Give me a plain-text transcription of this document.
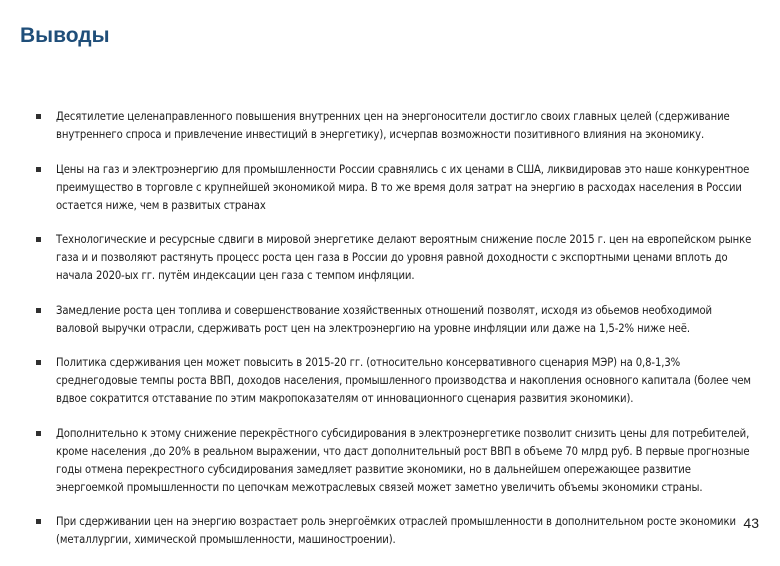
Выводы
Десятилетие целенаправленного повышения внутренних цен на энергоносители достигло своих главных целей (сдерживание внутреннего спроса и привлечение инвестиций в энергетику), исчерпав возможности позитивного влияния на экономику.
Цены на газ и электроэнергию для промышленности России сравнялись с их ценами в США, ликвидировав это наше конкурентное преимущество в торговле с крупнейшей экономикой мира. В то же время доля затрат на энергию в расходах населения в России остается ниже, чем в развитых странах
Технологические и ресурсные сдвиги в мировой энергетике делают вероятным снижение после 2015 г. цен на европейском рынке газа и и позволяют растянуть процесс роста цен газа в России до уровня равной доходности с экспортными ценами вплоть до начала 2020-ых гг. путём индексации цен газа с темпом инфляции.
Замедление роста цен топлива и совершенствование хозяйственных отношений позволят, исходя из обьемов необходимой валовой выручки отрасли, сдерживать рост цен на электроэнергию на уровне инфляции или даже на 1,5-2% ниже неё.
Политика сдерживания цен может повысить в 2015-20 гг. (относительно консервативного сценария МЭР) на 0,8-1,3% среднегодовые темпы роста ВВП, доходов населения, промышленного производства и накопления основного капитала (более чем вдвое сократится отставание по этим макропоказателям от инновационного сценария развития экономики).
Дополнительно к этому снижение перекрёстного субсидирования в электроэнергетике позволит снизить цены для потребителей, кроме населения ,до 20% в реальном выражении, что даст дополнительный рост ВВП в объеме 70 млрд руб. В первые прогнозные годы отмена перекрестного субсидирования замедляет развитие экономики, но в дальнейшем опережающее развитие энергоемкой промышленности по цепочкам межотраслевых связей может заметно увеличить объемы экономики страны.
При сдерживании цен на энергию возрастает роль энергоёмких отраслей промышленности в дополнительном росте экономики (металлургии, химической промышленности, машиностроении).
43
